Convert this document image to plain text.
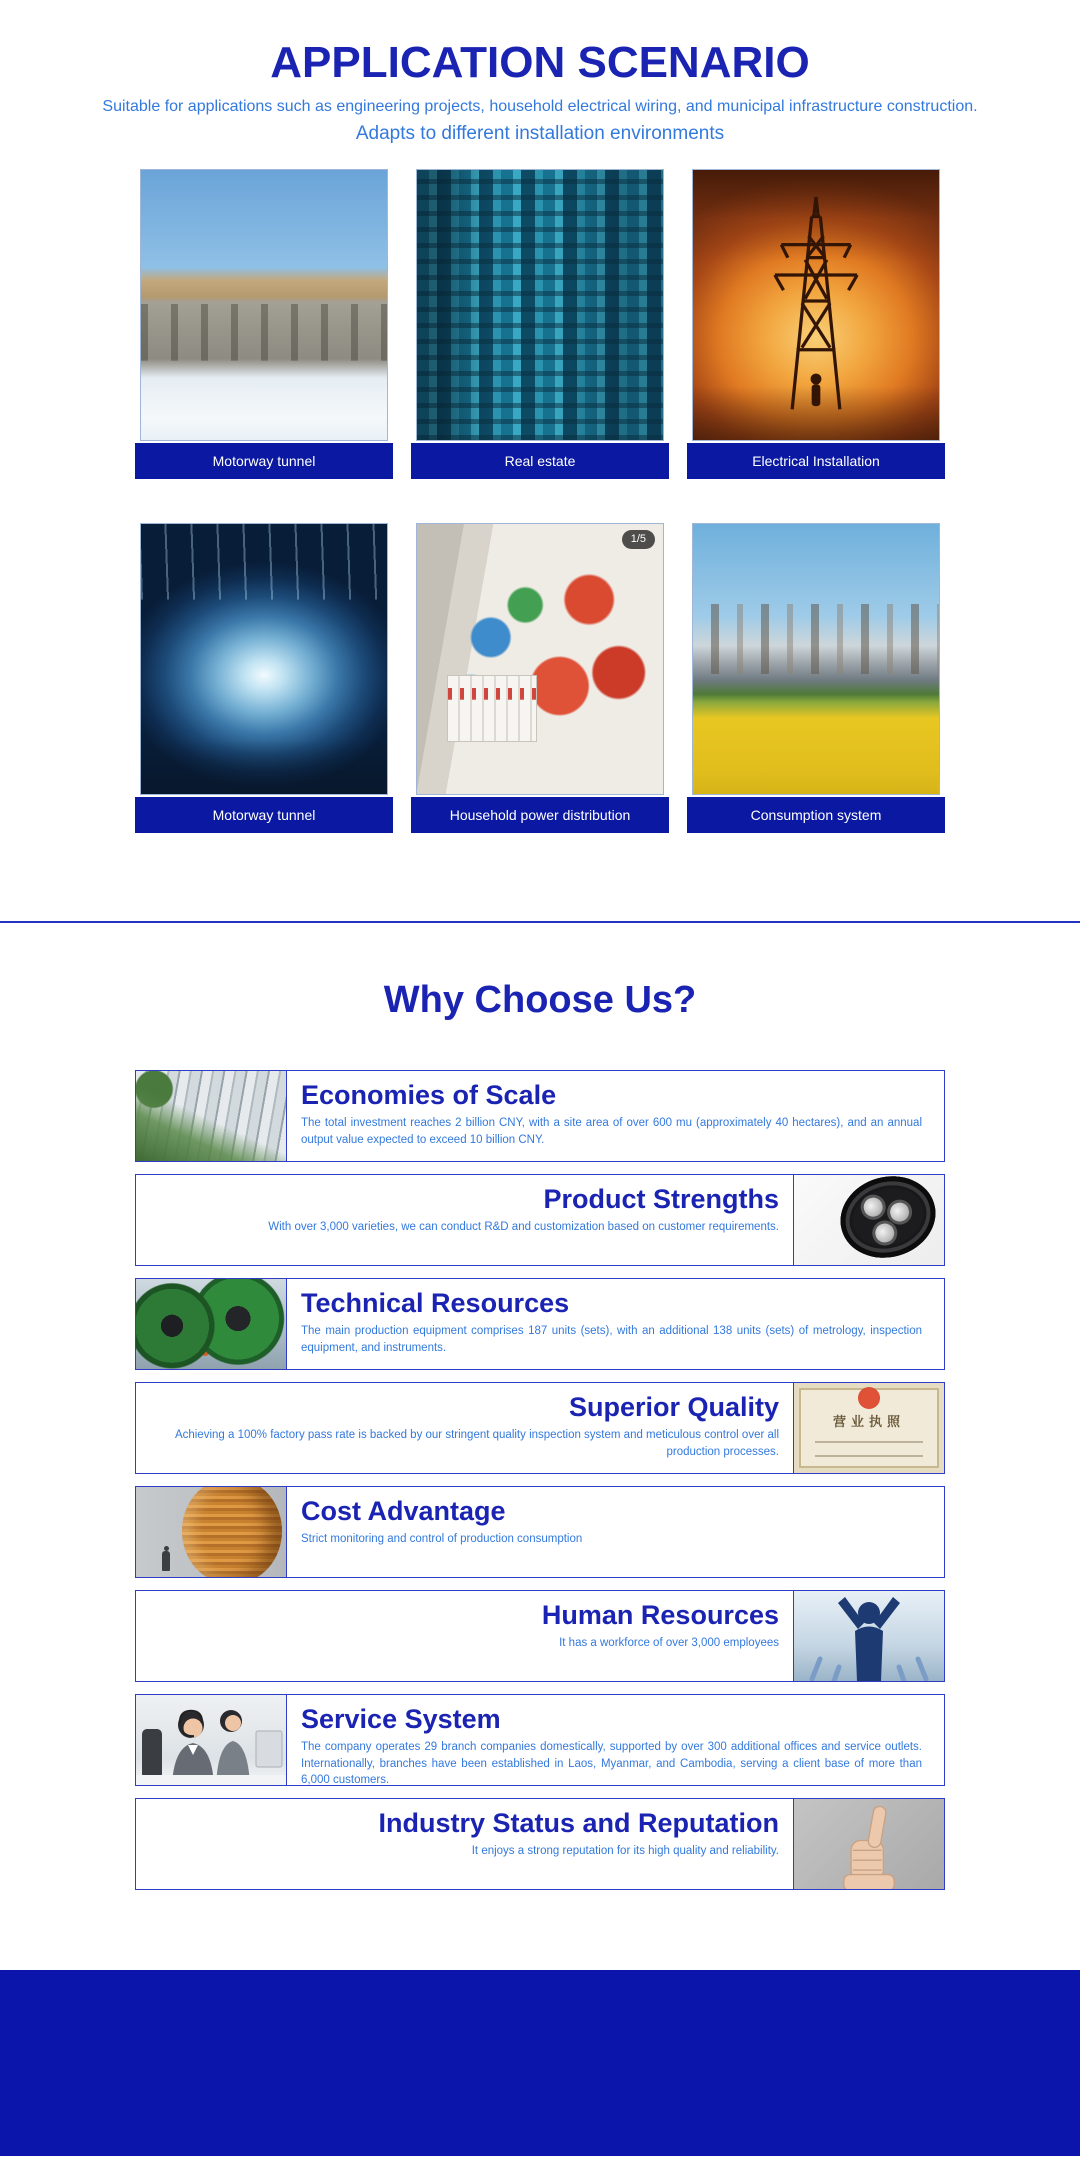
APPLICATION SCENARIO

Suitable for applications such as engineering projects, household electrical wiring, and municipal infrastructure construction.

Adapts to different installation environments

Motorway tunnel	Real estate	Electrical Installation
Motorway tunnel
1/5
Household power distribution	Consumption system
Why Choose Us?
Economies of Scale

The total investment reaches 2 billion CNY, with a site area of over 600 mu (approximately 40 hectares), and an annual output value expected to exceed 10 billion CNY.

Product Strengths

With over 3,000 varieties, we can conduct R&D and customization based on customer requirements.

Technical Resources

The main production equipment comprises 187 units (sets), with an additional 138 units (sets) of metrology, inspection equipment, and instruments.

Superior Quality

Achieving a 100% factory pass rate is backed by our stringent quality inspection system and meticulous control over all production processes.

营业执照
Cost Advantage

Strict monitoring and control of production consumption

Human Resources

It has a workforce of over 3,000 employees

Service System

The company operates 29 branch companies domestically, supported by over 300 additional offices and service outlets. Internationally, branches have been established in Laos, Myanmar, and Cambodia, serving a client base of more than 6,000 customers.

Industry Status and Reputation

It enjoys a strong reputation for its high quality and reliability.
